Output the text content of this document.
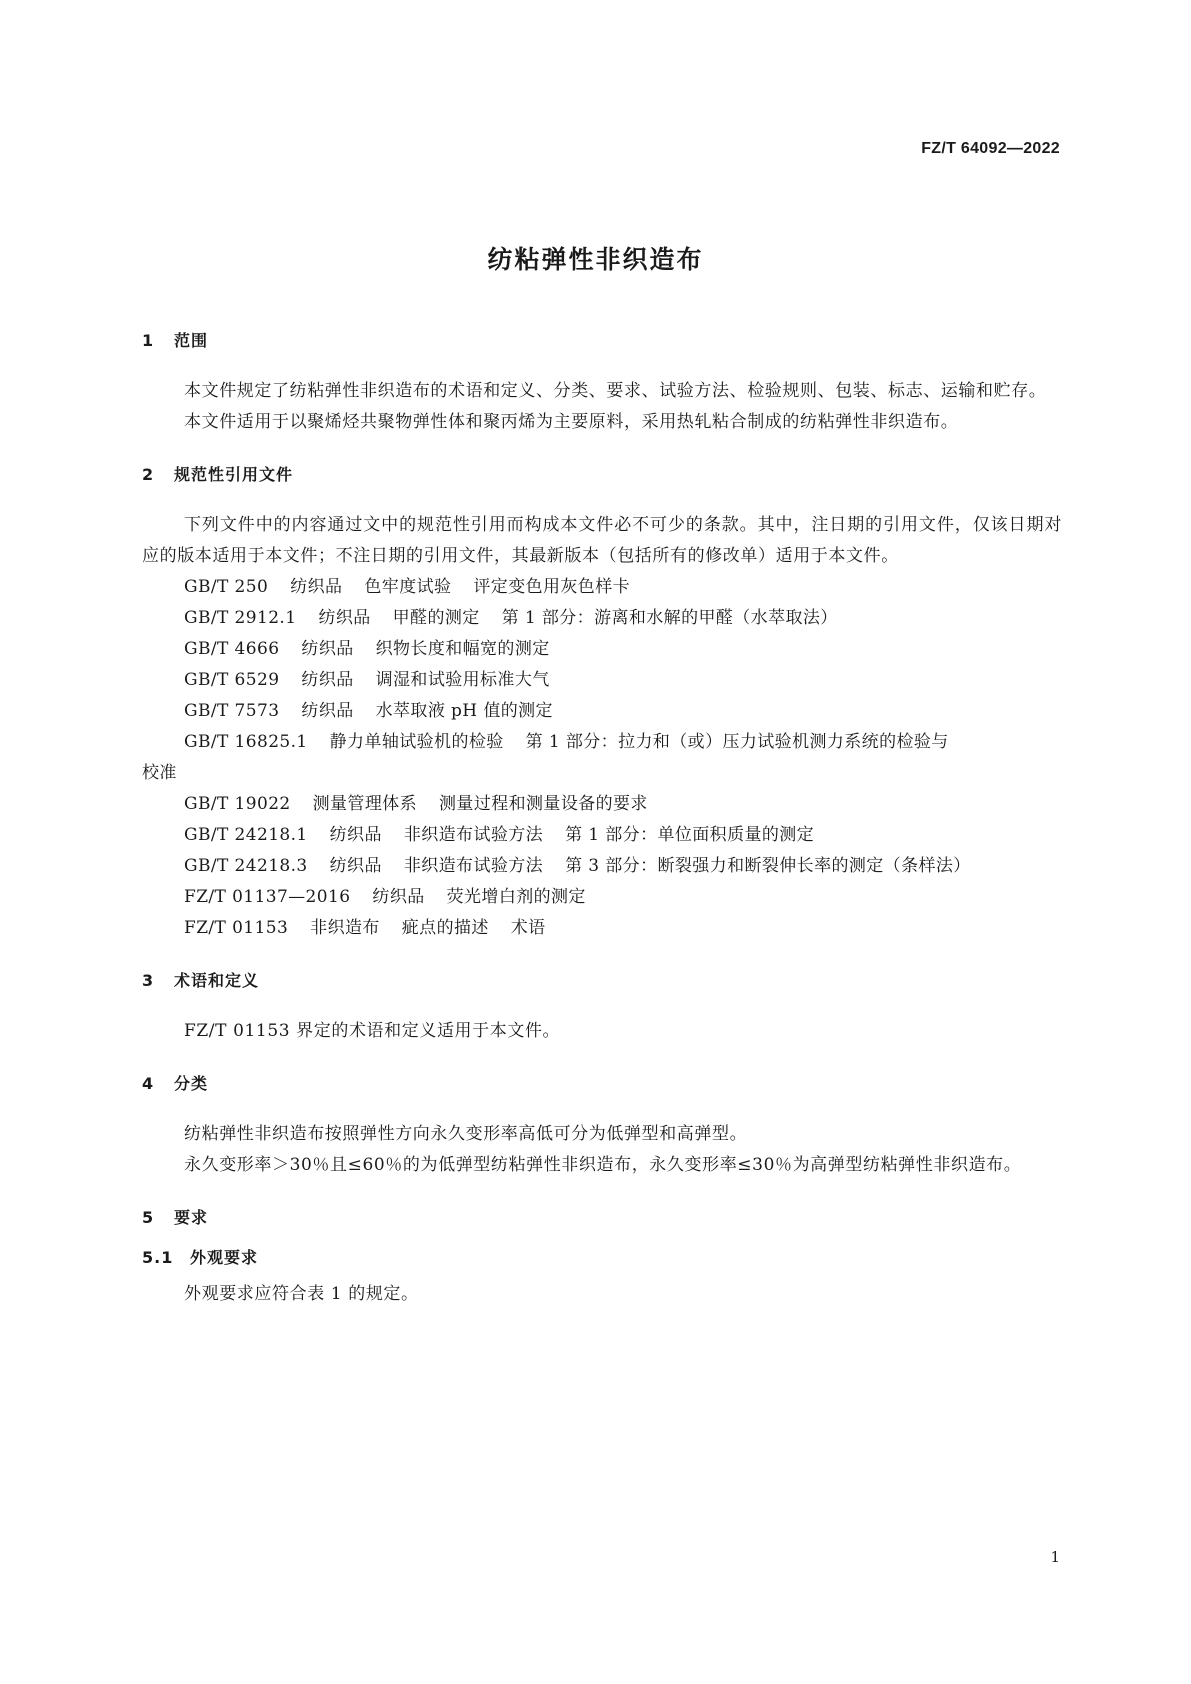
FZ/T 64092—2022
纺粘弹性非织造布
1 范围

本文件规定了纺粘弹性非织造布的术语和定义、分类、要求、试验方法、检验规则、包装、标志、运输和贮存。

本文件适用于以聚烯烃共聚物弹性体和聚丙烯为主要原料，采用热轧粘合制成的纺粘弹性非织造布。

2 规范性引用文件

下列文件中的内容通过文中的规范性引用而构成本文件必不可少的条款。其中，注日期的引用文件，仅该日期对应的版本适用于本文件；不注日期的引用文件，其最新版本（包括所有的修改单）适用于本文件。

GB/T 250 纺织品 色牢度试验 评定变色用灰色样卡
GB/T 2912.1 纺织品 甲醛的测定 第 1 部分：游离和水解的甲醛（水萃取法）
GB/T 4666 纺织品 织物长度和幅宽的测定
GB/T 6529 纺织品 调湿和试验用标准大气
GB/T 7573 纺织品 水萃取液 pH 值的测定
GB/T 16825.1 静力单轴试验机的检验 第 1 部分：拉力和（或）压力试验机测力系统的检验与
校准
GB/T 19022 测量管理体系 测量过程和测量设备的要求
GB/T 24218.1 纺织品 非织造布试验方法 第 1 部分：单位面积质量的测定
GB/T 24218.3 纺织品 非织造布试验方法 第 3 部分：断裂强力和断裂伸长率的测定（条样法）
FZ/T 01137—2016 纺织品 荧光增白剂的测定
FZ/T 01153 非织造布 疵点的描述 术语
3 术语和定义

FZ/T 01153 界定的术语和定义适用于本文件。

4 分类

纺粘弹性非织造布按照弹性方向永久变形率高低可分为低弹型和高弹型。

永久变形率＞30％且≤60％的为低弹型纺粘弹性非织造布，永久变形率≤30％为高弹型纺粘弹性非织造布。

5 要求
5.1 外观要求

外观要求应符合表 1 的规定。

1
